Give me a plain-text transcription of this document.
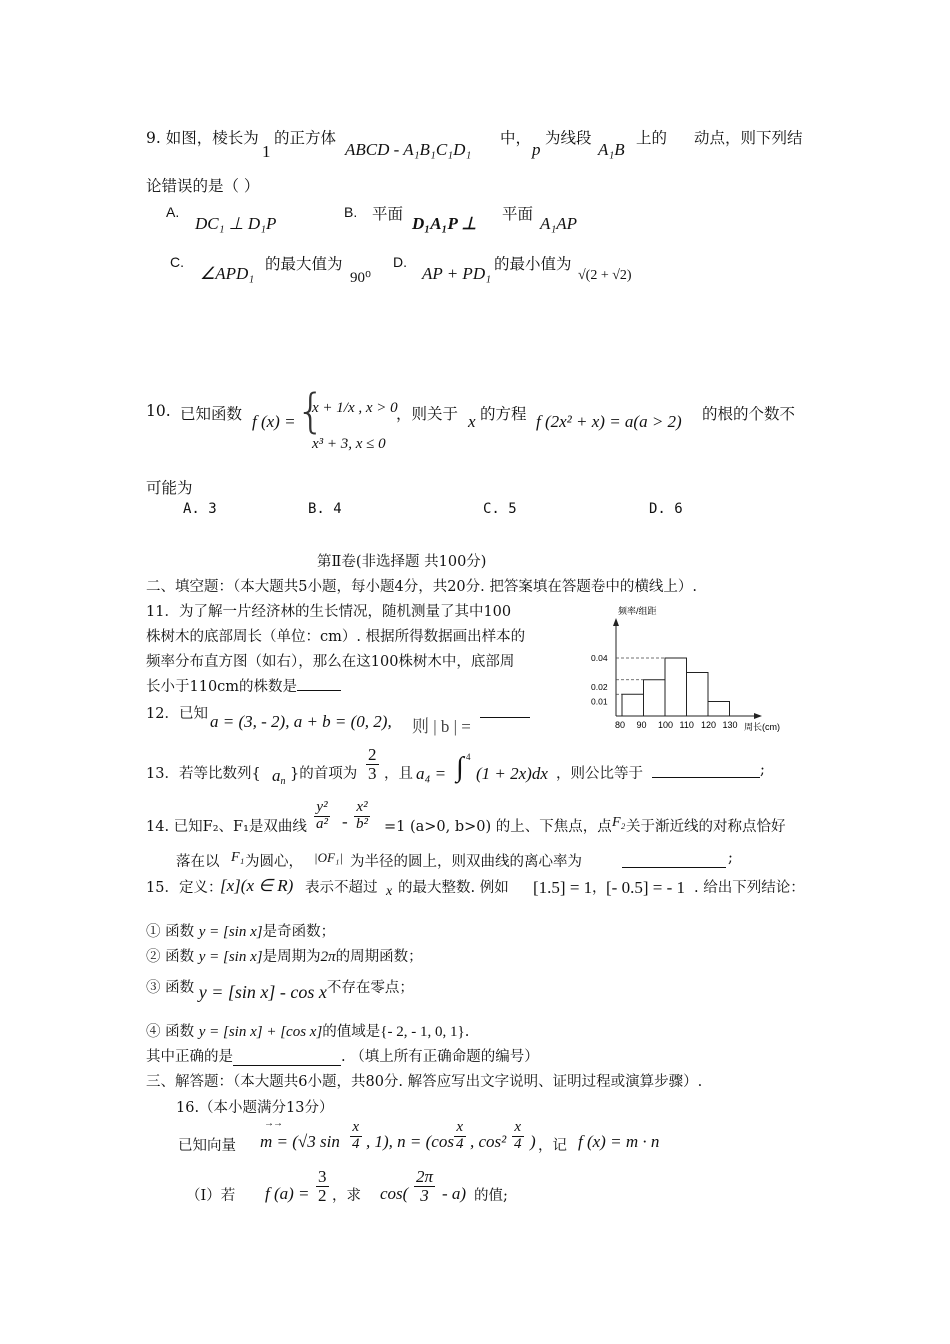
9. 如图，棱长为
1
的正方体
ABCD - A₁B₁C₁D₁
中，
p
为线段
A₁B
上的 动点，则下列结
论错误的是（ ）
A.
DC₁ ⊥ D₁P
B. 平面 D₁A₁P ⊥ 平面 A₁AP
C.
∠APD₁ 的最大值为
90⁰
D.
AP + PD₁ 的最小值为
√(2 + √2)
10. 已知函数 f (x) = {
x + 1/x , x > 0
x³ + 3, x ≤ 0
，则关于 x 的方程 f (2x² + x) = a(a > 2) 的根的个数不
可能为
A. 3	B. 4	C. 5	D. 6
第Ⅱ卷(非选择题 共100分)
二、填空题：（本大题共5小题，每小题4分，共20分. 把答案填在答题卷中的横线上）.
11．为了解一片经济林的生长情况，随机测量了其中100
株树木的底部周长（单位：cm）. 根据所得数据画出样本的
频率分布直方图（如右），那么在这100株树木中，底部周
长小于110cm的株数是
频率/组距
周长(cm)
0.01
0.02
0.04
80 90 100 110 120 130
12．已知 a = (3, - 2), a + b = (0, 2), 则 | b | =
13．若等比数列{ $a_n$ }的首项为 $\frac{2}{3}$ ，且 a₄ = ∫ 4
(1 + 2x)dx ，则公比等于	;
14. 已知F₂、F₁是双曲线 $\frac{\text{y²}}{\text{a²}} - \frac{\text{x²}}{\text{b²}} =1$ (a>0, b>0) 的上、下焦点，点 F₂ 关于渐近线的对称点恰好
落在以 F₁ 为圆心， |OF₁| 为半径的圆上，则双曲线的离心率为	;
15．定义：
[x](x ∈ R) 表示不超过 x 的最大整数. 例如 [1.5] = 1 ， [- 0.5] = - 1 . 给出下列结论：
① 函数 y = [sin x]是奇函数；
② 函数 y = [sin x]是周期为2π的周期函数；
③ 函数 y = [sin x] - cos x不存在零点；
④ 函数 y = [sin x] + [cos x]的值域是{- 2, - 1, 0, 1}.
其中正确的是	. （填上所有正确命题的编号）
三、解答题：（本大题共6小题，共80分. 解答应写出文字说明、证明过程或演算步骤）.
16.（本小题满分13分）
已知向量
→→
m = (√3 $\sin \frac{x}{4}$ , 1), $n = (\cos \frac{x}{4}$ , $\cos^2 \frac{x}{4}$ ) ，记 f (x) = m · n
（Ⅰ）若 f $(a) = \frac{3}{2}$ ，求 $\cos( \frac{2\pi}{3} - a)$ 的值;
